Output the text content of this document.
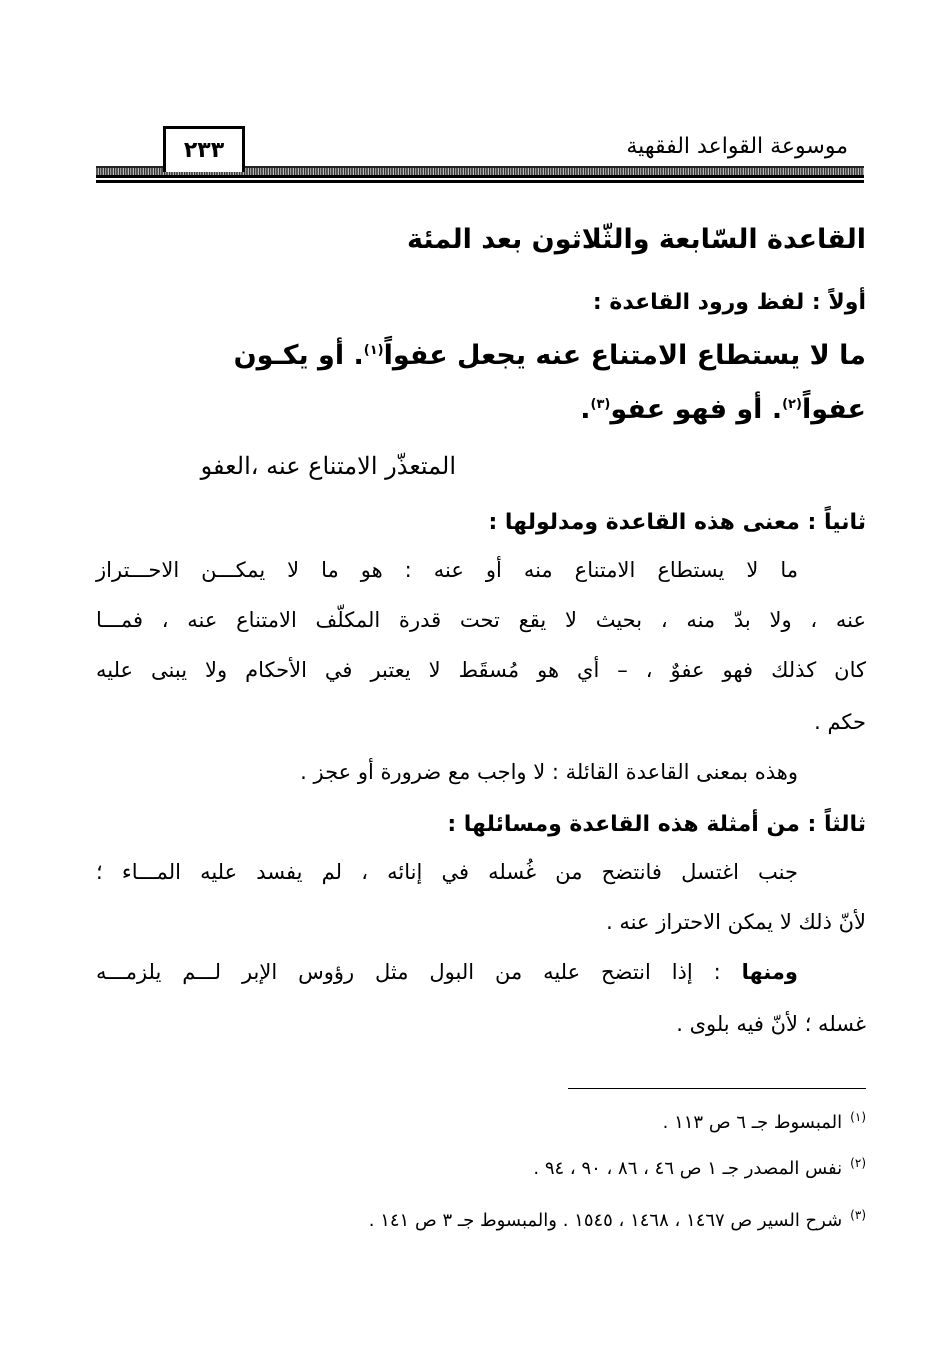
موسوعة القواعد الفقهية
٢٣٣
القاعدة السّابعة والثّلاثون بعد المئة
أولاً : لفظ ورود القاعدة :
ما لا يستطاع الامتناع عنه يجعل عفواً$^{(١)}$. أو يكـون
عفواً$^{(٢)}$. أو فهو عفو$^{(٣)}$.
المتعذّر الامتناع عنه ،العفو
ثانياً : معنى هذه القاعدة ومدلولها :
ما لا يستطاع الامتناع منه أو عنه : هو ما لا يمكـــن الاحـــتراز
عنه ، ولا بدّ منه ، بحيث لا يقع تحت قدرة المكلّف الامتناع عنه ، فمـــا
كان كذلك فهو عفوٌ ، – أي هو مُسقَط لا يعتبر في الأحكام ولا يبنى عليه
حكم .
وهذه بمعنى القاعدة القائلة : لا واجب مع ضرورة أو عجز .
ثالثاً : من أمثلة هذه القاعدة ومسائلها :
جنب اغتسل فانتضح من غُسله في إنائه ، لم يفسد عليه المـــاء ؛
لأنّ ذلك لا يمكن الاحتراز عنه .
ومنها : إذا انتضح عليه من البول مثل رؤوس الإبر لـــم يلزمـــه
غسله ؛ لأنّ فيه بلوى .
$^{(١)}$المبسوط جـ ٦ ص ١١٣ .
$^{(٢)}$نفس المصدر جـ ١ ص ٤٦ ، ٨٦ ، ٩٠ ، ٩٤ .
$^{(٣)}$شرح السير ص ١٤٦٧ ، ١٤٦٨ ، ١٥٤٥ . والمبسوط جـ ٣ ص ١٤١ .
